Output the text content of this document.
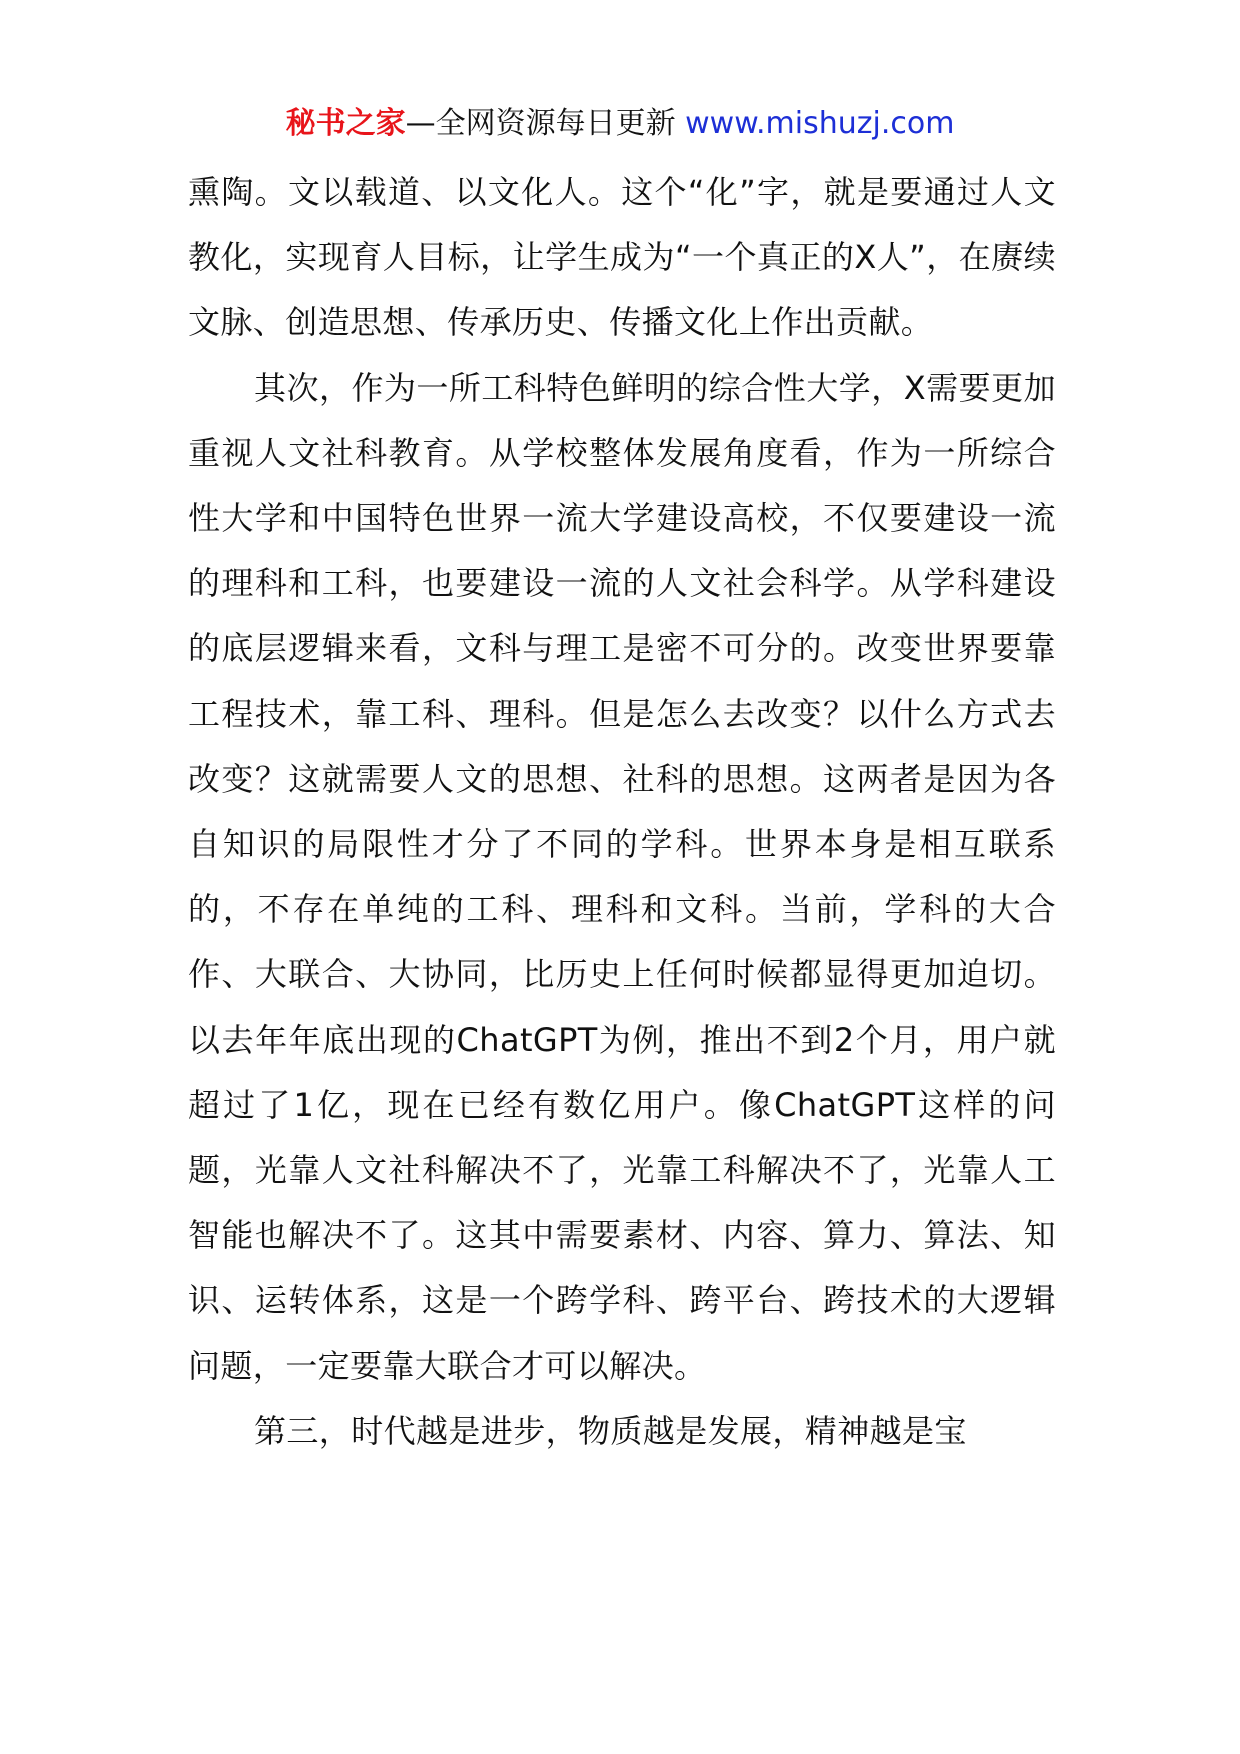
秘书之家—全网资源每日更新 www.mishuzj.com

熏陶。文以载道、以文化人。这个“化”字，就是要通过人文教化，实现育人目标，让学生成为“一个真正的X人”，在赓续文脉、创造思想、传承历史、传播文化上作出贡献。

其次，作为一所工科特色鲜明的综合性大学，X需要更加重视人文社科教育。从学校整体发展角度看，作为一所综合性大学和中国特色世界一流大学建设高校，不仅要建设一流的理科和工科，也要建设一流的人文社会科学。从学科建设的底层逻辑来看，文科与理工是密不可分的。改变世界要靠工程技术，靠工科、理科。但是怎么去改变？以什么方式去改变？这就需要人文的思想、社科的思想。这两者是因为各自知识的局限性才分了不同的学科。世界本身是相互联系的，不存在单纯的工科、理科和文科。当前，学科的大合作、大联合、大协同，比历史上任何时候都显得更加迫切。以去年年底出现的ChatGPT为例，推出不到2个月，用户就超过了1亿，现在已经有数亿用户。像ChatGPT这样的问题，光靠人文社科解决不了，光靠工科解决不了，光靠人工智能也解决不了。这其中需要素材、内容、算力、算法、知识、运转体系，这是一个跨学科、跨平台、跨技术的大逻辑问题，一定要靠大联合才可以解决。

第三，时代越是进步，物质越是发展，精神越是宝
